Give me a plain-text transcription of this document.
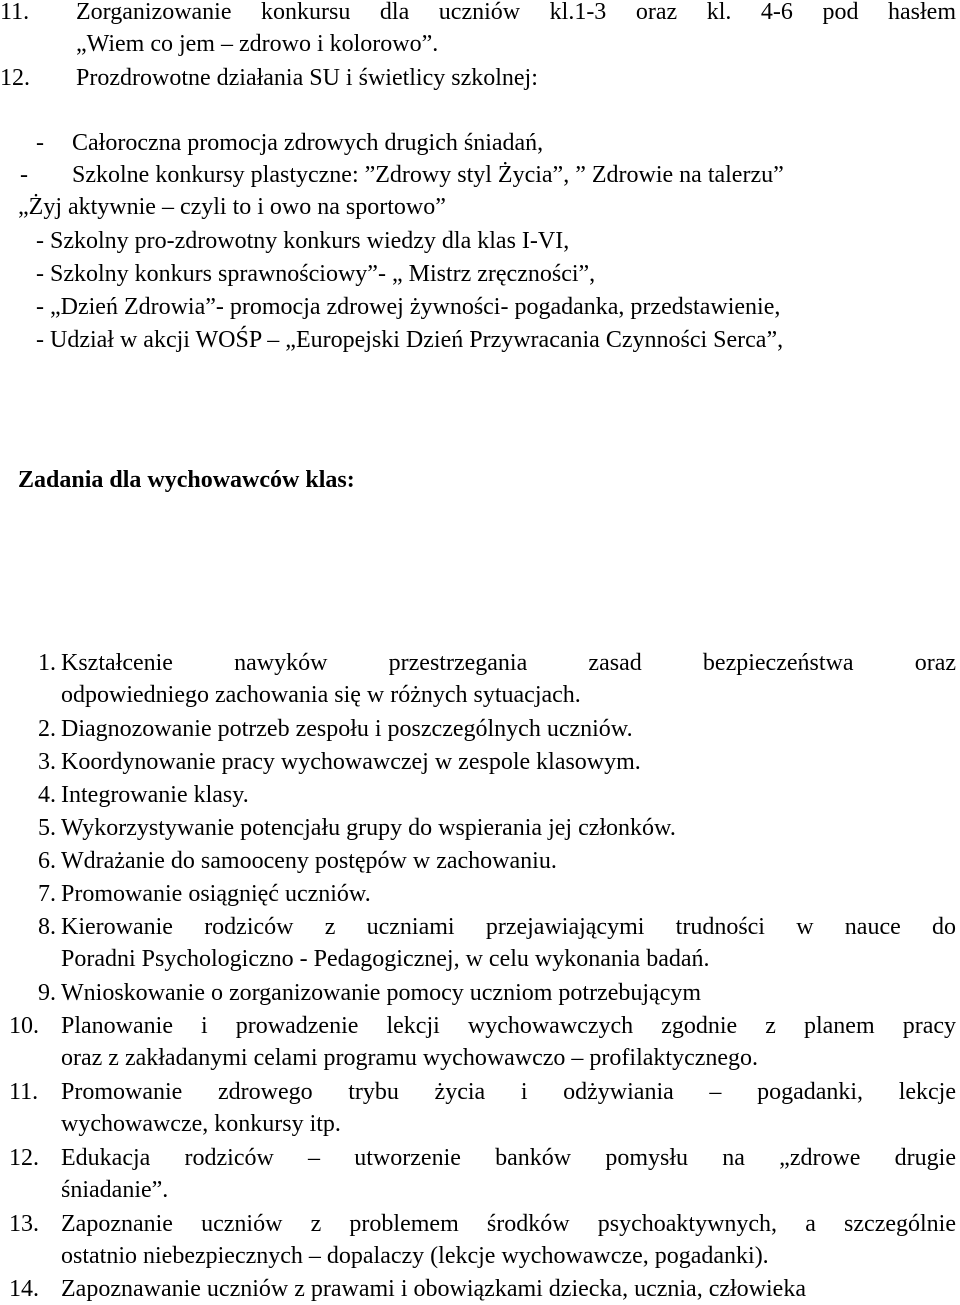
11. Zorganizowanie konkursu dla uczniów kl.1-3 oraz kl. 4-6 pod hasłem
„Wiem co jem – zdrowo i kolorowo”.
12. Prozdrowotne działania SU i świetlicy szkolnej:
- Całoroczna promocja zdrowych drugich śniadań,
- Szkolne konkursy plastyczne: ”Zdrowy styl Życia”, ” Zdrowie na talerzu”
„Żyj aktywnie – czyli to i owo na sportowo”
- Szkolny pro-zdrowotny konkurs wiedzy dla klas I-VI,
- Szkolny konkurs sprawnościowy”- „ Mistrz zręczności”,
- „Dzień Zdrowia”- promocja zdrowej żywności- pogadanka, przedstawienie,
- Udział w akcji WOŚP – „Europejski Dzień Przywracania Czynności Serca”,
Zadania dla wychowawców klas:
1. Kształcenie nawyków przestrzegania zasad bezpieczeństwa oraz
odpowiedniego zachowania się w różnych sytuacjach.
2. Diagnozowanie potrzeb zespołu i poszczególnych uczniów.
3. Koordynowanie pracy wychowawczej w zespole klasowym.
4. Integrowanie klasy.
5. Wykorzystywanie potencjału grupy do wspierania jej członków.
6. Wdrażanie do samooceny postępów w zachowaniu.
7. Promowanie osiągnięć uczniów.
8. Kierowanie rodziców z uczniami przejawiającymi trudności w nauce do
Poradni Psychologiczno - Pedagogicznej, w celu wykonania badań.
9. Wnioskowanie o zorganizowanie pomocy uczniom potrzebującym
10. Planowanie i prowadzenie lekcji wychowawczych zgodnie z planem pracy
oraz z zakładanymi celami programu wychowawczo – profilaktycznego.
11. Promowanie zdrowego trybu życia i odżywiania – pogadanki, lekcje
wychowawcze, konkursy itp.
12. Edukacja rodziców – utworzenie banków pomysłu na „zdrowe drugie
śniadanie”.
13. Zapoznanie uczniów z problemem środków psychoaktywnych, a szczególnie
ostatnio niebezpiecznych – dopalaczy (lekcje wychowawcze, pogadanki).
14. Zapoznawanie uczniów z prawami i obowiązkami dziecka, ucznia, człowieka
